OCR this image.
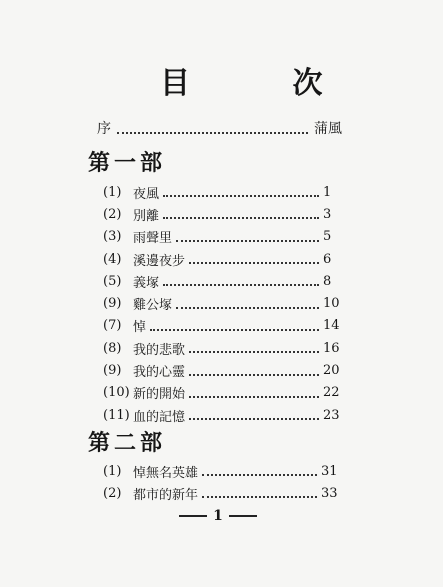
目 次
序	蒲風
第一部
(1) 夜風	1
(2) 別離	3
(3) 雨聲里	5
(4) 溪邊夜步	6
(5) 義塚	8
(9) 雞公塚	10
(7) 悼	14
(8) 我的悲歌	16
(9) 我的心靈	20
(10) 新的開始	22
(11) 血的記憶	23
第二部
(1) 悼無名英雄	31
(2) 都市的新年	33
1
